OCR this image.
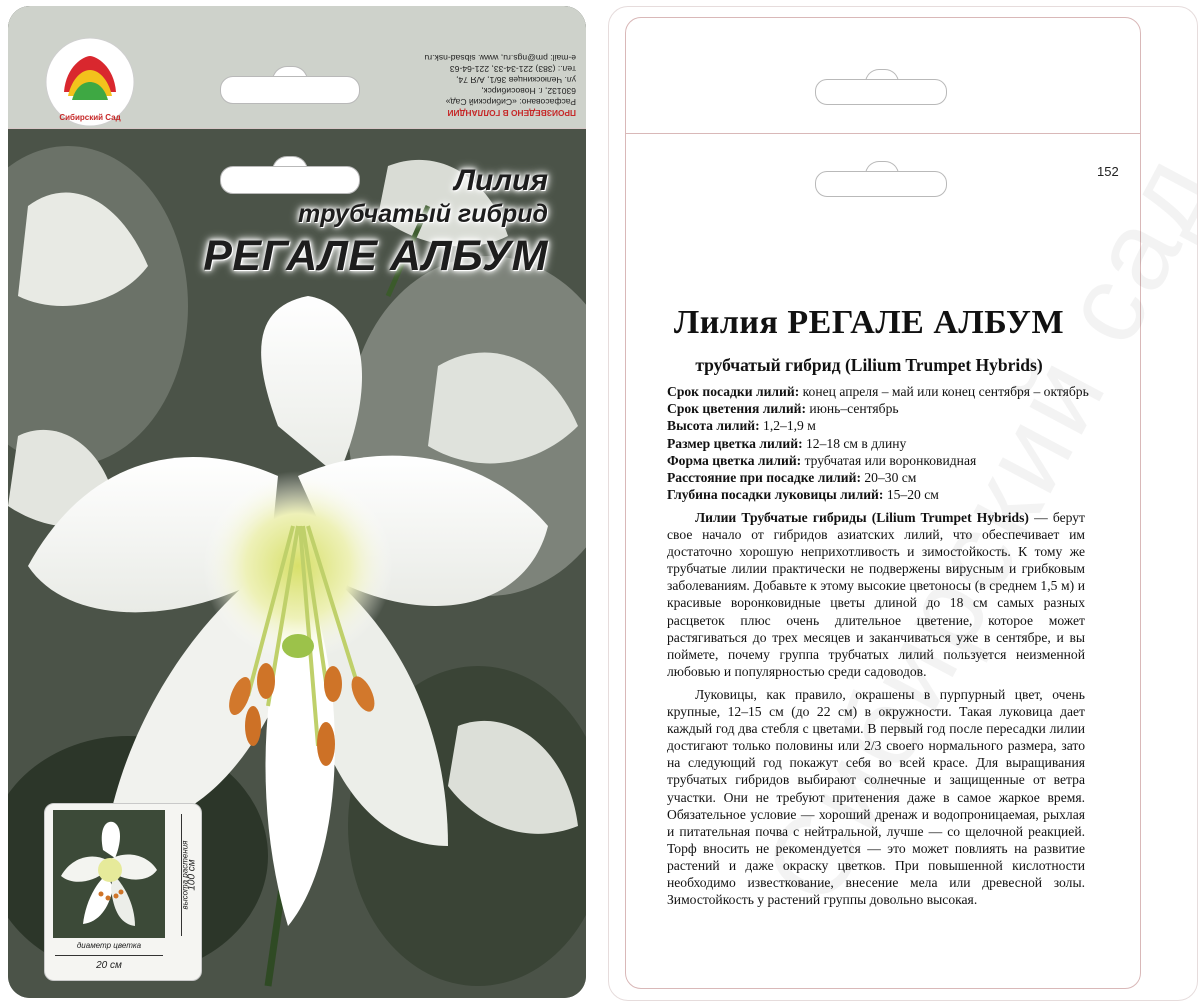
Сибирский Сад	ПРОИЗВЕДЕНО В ГОЛЛАНДИИ
Расфасовано: «Сибирский Сад»
630132, г. Новосибирск,
ул. Челюскинцев 36/1, А/Я 74,
тел.: (383) 221-34-33, 221-64-63
e-mail: pm@ngs.ru, www. sibsad-nsk.ru
Лилия
трубчатый гибрид
РЕГАЛЕ АЛБУМ
высота растения
100 см
диаметр цветка
20 см
152
Лилия РЕГАЛЕ АЛБУМ
трубчатый гибрид (Lilium Trumpet Hybrids)
Срок посадки лилий: конец апреля – май или конец сентября – октябрь
Срок цветения лилий: июнь–сентябрь
Высота лилий: 1,2–1,9 м
Размер цветка лилий: 12–18 см в длину
Форма цветка лилий: трубчатая или воронковидная
Расстояние при посадке лилий: 20–30 см
Глубина посадки луковицы лилий: 15–20 см

Лилии Трубчатые гибриды (Lilium Trumpet Hybrids) — берут свое начало от гибридов азиатских лилий, что обеспечивает им достаточно хорошую неприхотливость и зимостойкость. К тому же трубчатые лилии практически не подвержены вирусным и грибковым заболеваниям. Добавьте к этому высокие цветоносы (в среднем 1,5 м) и красивые воронковидные цветы длиной до 18 см самых разных расцветок плюс очень длительное цветение, которое может растягиваться до трех месяцев и заканчиваться уже в сентябре, и вы поймете, почему группа трубчатых лилий пользуется неизменной любовью и популярностью среди садоводов.

Луковицы, как правило, окрашены в пурпурный цвет, очень крупные, 12–15 см (до 22 см) в окружности. Такая луковица дает каждый год два стебля с цветами. В первый год после пересадки лилии достигают только половины или 2/3 своего нормального размера, зато на следующий год покажут себя во всей красе. Для выращивания трубчатых гибридов выбирают солнечные и защищенные от ветра участки. Они не требуют притенения даже в самое жаркое время. Обязательное условие — хороший дренаж и водопроницаемая, рыхлая и питательная почва с нейтральной, лучше — со щелочной реакцией. Торф вносить не рекомендуется — это может повлиять на развитие растений и даже окраску цветков. При повышенной кислотности необходимо известкование, внесение мела или древесной золы. Зимостойкость у растений группы довольно высокая.
